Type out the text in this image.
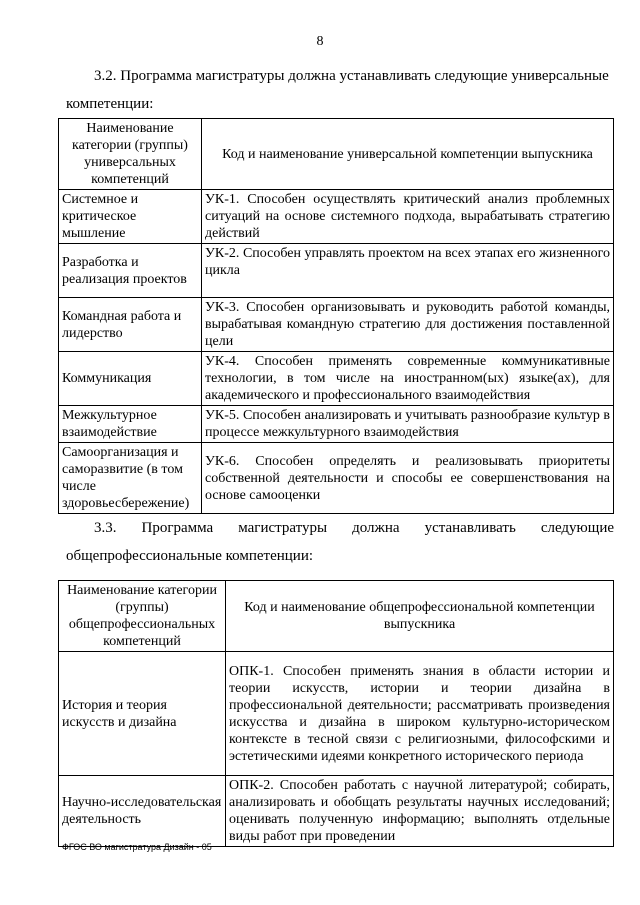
8
3.2. Программа магистратуры должна устанавливать следующие универсальные
компетенции:
Наименование категории (группы) универсальных компетенций	Код и наименование универсальной компетенции выпускника
Системное и критическое мышление	УК-1. Способен осуществлять критический анализ проблемных ситуаций на основе системного подхода, вырабатывать стратегию действий
Разработка и реализация проектов	УК-2. Способен управлять проектом на всех этапах его жизненного цикла
Командная работа и лидерство	УК-3. Способен организовывать и руководить работой команды, вырабатывая командную стратегию для достижения поставленной цели
Коммуникация	УК-4. Способен применять современные коммуникативные технологии, в том числе на иностранном(ых) языке(ах), для академического и профессионального взаимодействия
Межкультурное взаимодействие	УК-5. Способен анализировать и учитывать разнообразие культур в процессе межкультурного взаимодействия
Самоорганизация и саморазвитие (в том числе здоровьесбережение)	УК-6. Способен определять и реализовывать приоритеты собственной деятельности и способы ее совершенствования на основе самооценки
3.3. Программа магистратуры должна устанавливать следующие
общепрофессиональные компетенции:
Наименование категории (группы) общепрофессиональных компетенций	Код и наименование общепрофессиональной компетенции выпускника
История и теория искусств и дизайна	ОПК-1. Способен применять знания в области истории и теории искусств, истории и теории дизайна в профессиональной деятельности; рассматривать произведения искусства и дизайна в широком культурно-историческом контексте в тесной связи с религиозными, философскими и эстетическими идеями конкретного исторического периода
Научно-исследовательская деятельность	ОПК-2. Способен работать с научной литературой; собирать, анализировать и обобщать результаты научных исследований; оценивать полученную информацию; выполнять отдельные виды работ при проведении
ФГОС ВО магистратура Дизайн - 05
